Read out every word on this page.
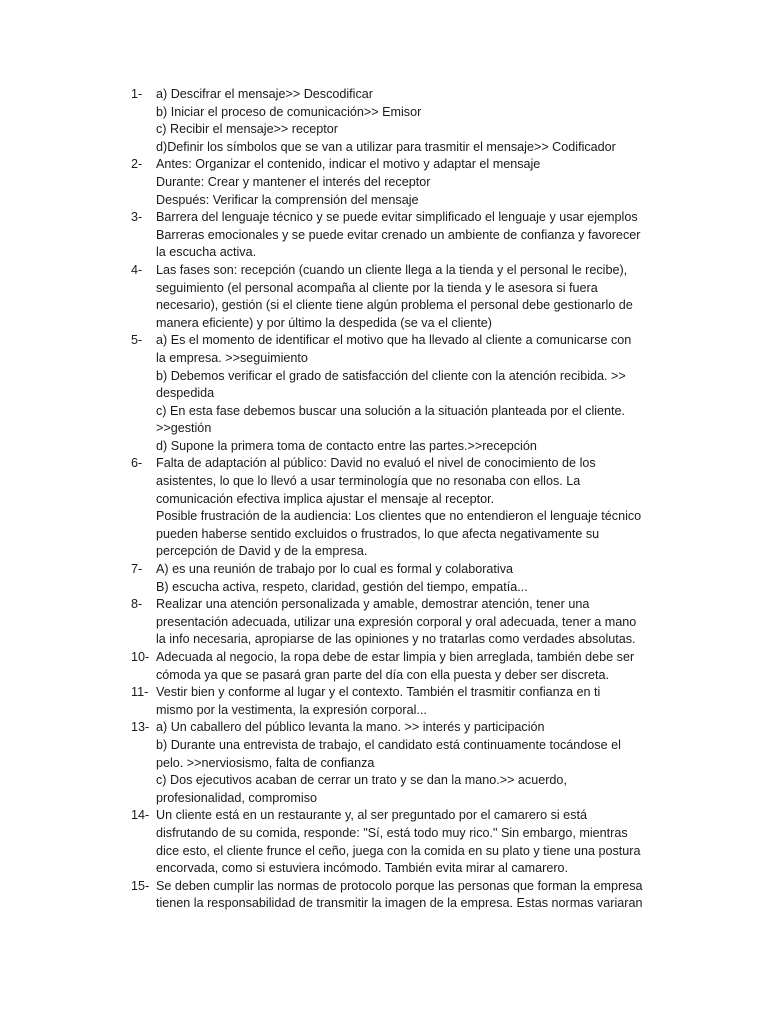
1- a) Descifrar el mensaje>> Descodificar
b) Iniciar el proceso de comunicación>> Emisor
c) Recibir el mensaje>> receptor
d)Definir los símbolos que se van a utilizar para trasmitir el mensaje>> Codificador
2- Antes: Organizar el contenido, indicar el motivo y adaptar el mensaje
Durante: Crear y mantener el interés del receptor
Después: Verificar la comprensión del mensaje
3- Barrera del lenguaje técnico y se puede evitar simplificado el lenguaje y usar ejemplos
Barreras emocionales y se puede evitar crenado un ambiente de confianza y favorecer
la escucha activa.
4- Las fases son: recepción (cuando un cliente llega a la tienda y el personal le recibe),
seguimiento (el personal acompaña al cliente por la tienda y le asesora si fuera
necesario), gestión (si el cliente tiene algún problema el personal debe gestionarlo de
manera eficiente) y por último la despedida (se va el cliente)
5- a) Es el momento de identificar el motivo que ha llevado al cliente a comunicarse con
la empresa. >>seguimiento
b) Debemos verificar el grado de satisfacción del cliente con la atención recibida. >>
despedida
c) En esta fase debemos buscar una solución a la situación planteada por el cliente.
>>gestión
d) Supone la primera toma de contacto entre las partes.>>recepción
6- Falta de adaptación al público: David no evaluó el nivel de conocimiento de los
asistentes, lo que lo llevó a usar terminología que no resonaba con ellos. La
comunicación efectiva implica ajustar el mensaje al receptor.
Posible frustración de la audiencia: Los clientes que no entendieron el lenguaje técnico
pueden haberse sentido excluidos o frustrados, lo que afecta negativamente su
percepción de David y de la empresa.
7- A) es una reunión de trabajo por lo cual es formal y colaborativa
B) escucha activa, respeto, claridad, gestión del tiempo, empatía...
8- Realizar una atención personalizada y amable, demostrar atención, tener una
presentación adecuada, utilizar una expresión corporal y oral adecuada, tener a mano
la info necesaria, apropiarse de las opiniones y no tratarlas como verdades absolutas.
10- Adecuada al negocio, la ropa debe de estar limpia y bien arreglada, también debe ser
cómoda ya que se pasará gran parte del día con ella puesta y deber ser discreta.
11- Vestir bien y conforme al lugar y el contexto. También el trasmitir confianza en ti
mismo por la vestimenta, la expresión corporal...
13- a) Un caballero del público levanta la mano. >> interés y participación
b) Durante una entrevista de trabajo, el candidato está continuamente tocándose el
pelo. >>nerviosismo, falta de confianza
c) Dos ejecutivos acaban de cerrar un trato y se dan la mano.>> acuerdo,
profesionalidad, compromiso
14- Un cliente está en un restaurante y, al ser preguntado por el camarero si está
disfrutando de su comida, responde: "Sí, está todo muy rico." Sin embargo, mientras
dice esto, el cliente frunce el ceño, juega con la comida en su plato y tiene una postura
encorvada, como si estuviera incómodo. También evita mirar al camarero.
15- Se deben cumplir las normas de protocolo porque las personas que forman la empresa
tienen la responsabilidad de transmitir la imagen de la empresa. Estas normas variaran
